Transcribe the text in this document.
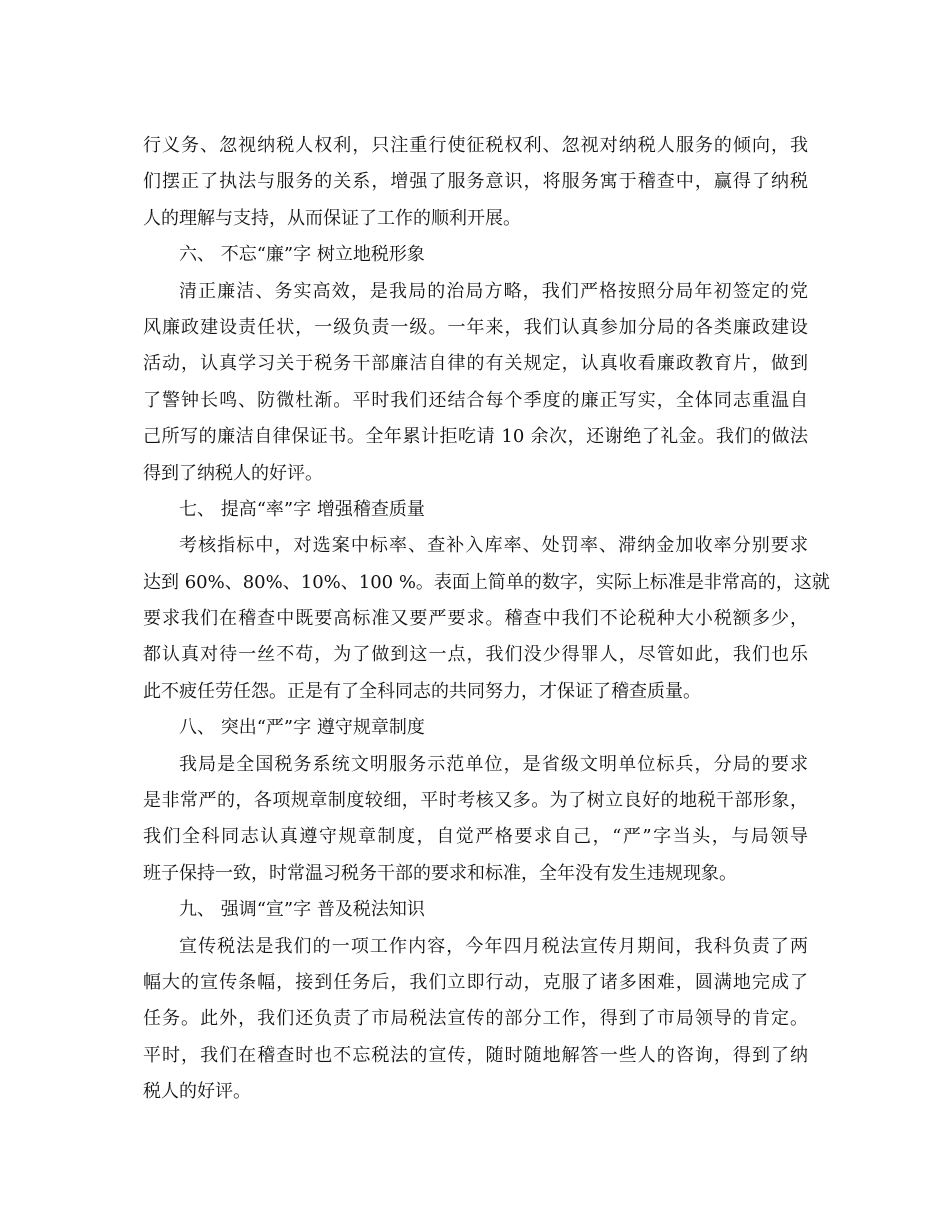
行义务、忽视纳税人权利，只注重行使征税权利、忽视对纳税人服务的倾向，我
们摆正了执法与服务的关系，增强了服务意识，将服务寓于稽查中，赢得了纳税
人的理解与支持，从而保证了工作的顺利开展。
六、 不忘“廉”字 树立地税形象
清正廉洁、务实高效，是我局的治局方略，我们严格按照分局年初签定的党
风廉政建设责任状，一级负责一级。一年来，我们认真参加分局的各类廉政建设
活动，认真学习关于税务干部廉洁自律的有关规定，认真收看廉政教育片，做到
了警钟长鸣、防微杜渐。平时我们还结合每个季度的廉正写实，全体同志重温自
己所写的廉洁自律保证书。全年累计拒吃请 10 余次，还谢绝了礼金。我们的做法
得到了纳税人的好评。
七、 提高“率”字 增强稽查质量
考核指标中，对选案中标率、查补入库率、处罚率、滞纳金加收率分别要求
达到 60%、80%、10%、100 %。表面上简单的数字，实际上标准是非常高的，这就
要求我们在稽查中既要高标准又要严要求。稽查中我们不论税种大小税额多少，
都认真对待一丝不苟，为了做到这一点，我们没少得罪人，尽管如此，我们也乐
此不疲任劳任怨。正是有了全科同志的共同努力，才保证了稽查质量。
八、 突出“严”字 遵守规章制度
我局是全国税务系统文明服务示范单位，是省级文明单位标兵，分局的要求
是非常严的，各项规章制度较细，平时考核又多。为了树立良好的地税干部形象，
我们全科同志认真遵守规章制度，自觉严格要求自己，“严”字当头，与局领导
班子保持一致，时常温习税务干部的要求和标准，全年没有发生违规现象。
九、 强调“宣”字 普及税法知识
宣传税法是我们的一项工作内容，今年四月税法宣传月期间，我科负责了两
幅大的宣传条幅，接到任务后，我们立即行动，克服了诸多困难，圆满地完成了
任务。此外，我们还负责了市局税法宣传的部分工作，得到了市局领导的肯定。
平时，我们在稽查时也不忘税法的宣传，随时随地解答一些人的咨询，得到了纳
税人的好评。
